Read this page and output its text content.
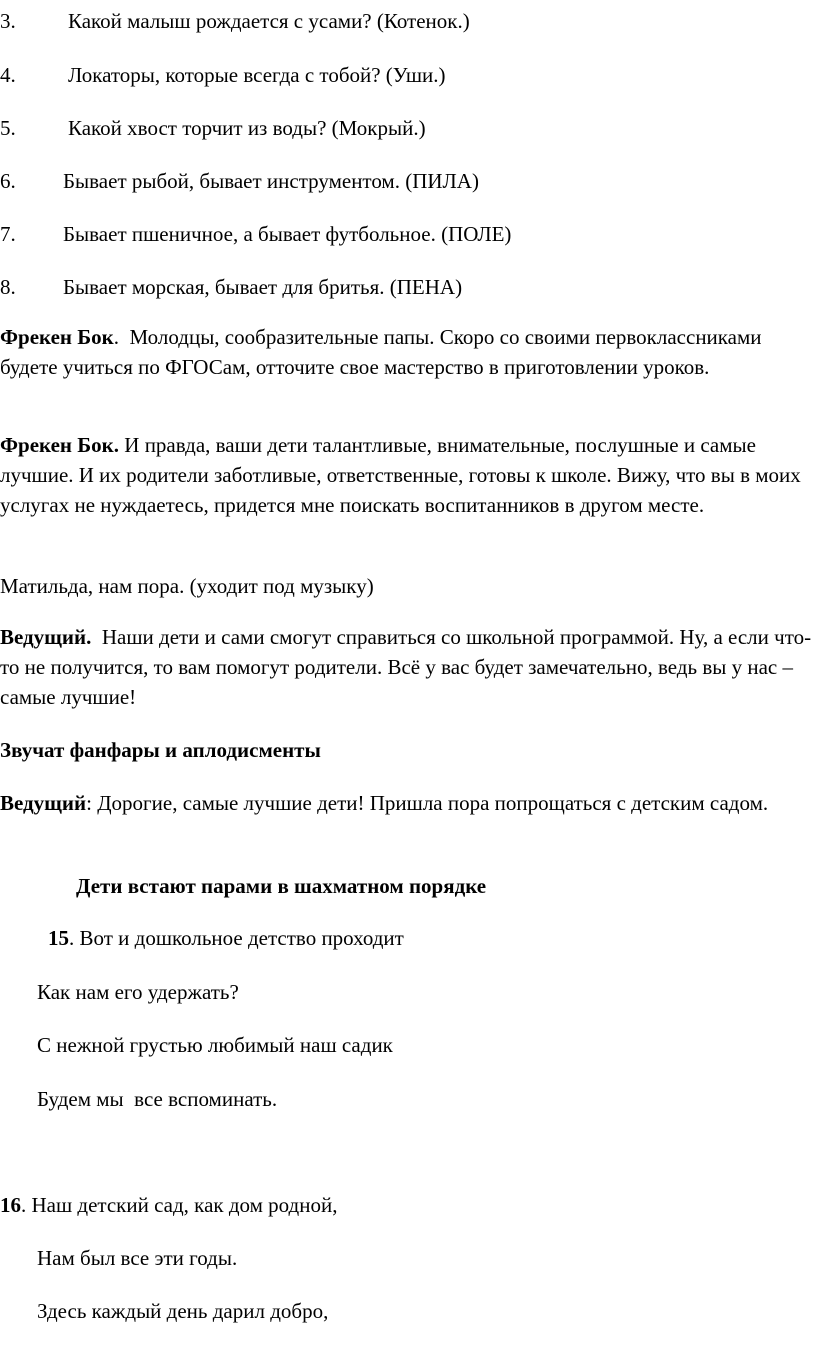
3. Какой малыш рождается с усами? (Котенок.)
4. Локаторы, которые всегда с тобой? (Уши.)
5. Какой хвост торчит из воды? (Мокрый.)
6. Бывает рыбой, бывает инструментом. (ПИЛА)
7. Бывает пшеничное, а бывает футбольное. (ПОЛЕ)
8. Бывает морская, бывает для бритья. (ПЕНА)
Фрекен Бок.  Молодцы, сообразительные папы. Скоро со своими первоклассниками будете учиться по ФГОСам, отточите свое мастерство в приготовлении уроков.
Фрекен Бок. И правда, ваши дети талантливые, внимательные, послушные и самые лучшие. И их родители заботливые, ответственные, готовы к школе. Вижу, что вы в моих услугах не нуждаетесь, придется мне поискать воспитанников в другом месте.
Матильда, нам пора. (уходит под музыку)
Ведущий.  Наши дети и сами смогут справиться со школьной программой. Ну, а если что-то не получится, то вам помогут родители. Всё у вас будет замечательно, ведь вы у нас – самые лучшие!
Звучат фанфары и аплодисменты
Ведущий: Дорогие, самые лучшие дети! Пришла пора попрощаться с детским садом.
Дети встают парами в шахматном порядке
15. Вот и дошкольное детство проходит
Как нам его удержать?
С нежной грустью любимый наш садик
Будем мы  все вспоминать.
16. Наш детский сад, как дом родной,
Нам был все эти годы.
Здесь каждый день дарил добро,
